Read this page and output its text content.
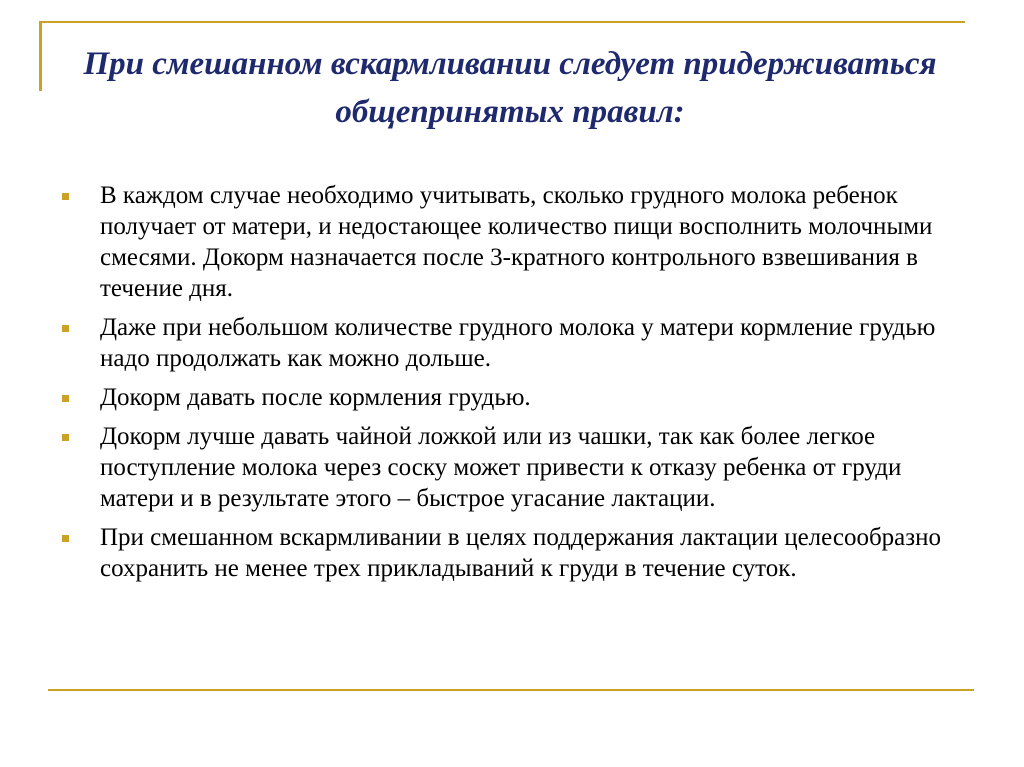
При смешанном вскармливании следует придерживаться общепринятых правил:
В каждом случае необходимо учитывать, сколько грудного молока ребенок получает от матери, и недостающее количество пищи восполнить молочными смесями. Докорм назначается после 3-кратного контрольного взвешивания в течение дня.
Даже при небольшом количестве грудного молока у матери кормление грудью надо продолжать как можно дольше.
Докорм давать после кормления грудью.
Докорм лучше давать чайной ложкой или из чашки, так как более легкое поступление молока через соску может привести к отказу ребенка от груди матери и в результате этого – быстрое угасание лактации.
При смешанном вскармливании в целях поддержания лактации целесообразно сохранить не менее трех прикладываний к груди в течение суток.
